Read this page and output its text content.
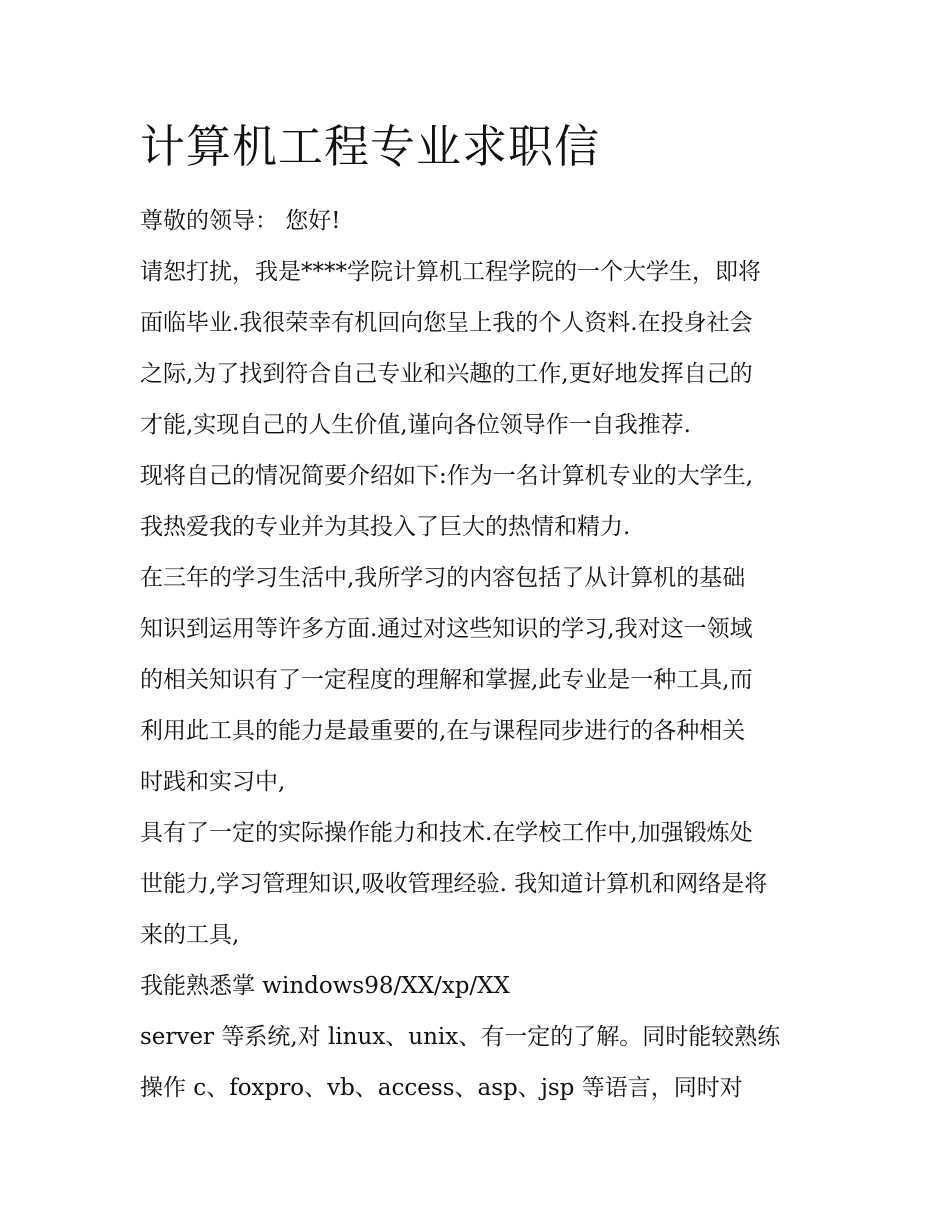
计算机工程专业求职信
尊敬的领导： 您好!
请恕打扰，我是****学院计算机工程学院的一个大学生，即将
面临毕业.我很荣幸有机回向您呈上我的个人资料.在投身社会
之际,为了找到符合自己专业和兴趣的工作,更好地发挥自己的
才能,实现自己的人生价值,谨向各位领导作一自我推荐.
现将自己的情况简要介绍如下:作为一名计算机专业的大学生,
我热爱我的专业并为其投入了巨大的热情和精力.
在三年的学习生活中,我所学习的内容包括了从计算机的基础
知识到运用等许多方面.通过对这些知识的学习,我对这一领域
的相关知识有了一定程度的理解和掌握,此专业是一种工具,而
利用此工具的能力是最重要的,在与课程同步进行的各种相关
时践和实习中,
具有了一定的实际操作能力和技术.在学校工作中,加强锻炼处
世能力,学习管理知识,吸收管理经验. 我知道计算机和网络是将
来的工具,
我能熟悉掌 windows98/XX/xp/XX
server 等系统,对 linux、unix、有一定的了解。同时能较熟练
操作 c、foxpro、vb、access、asp、jsp 等语言，同时对
